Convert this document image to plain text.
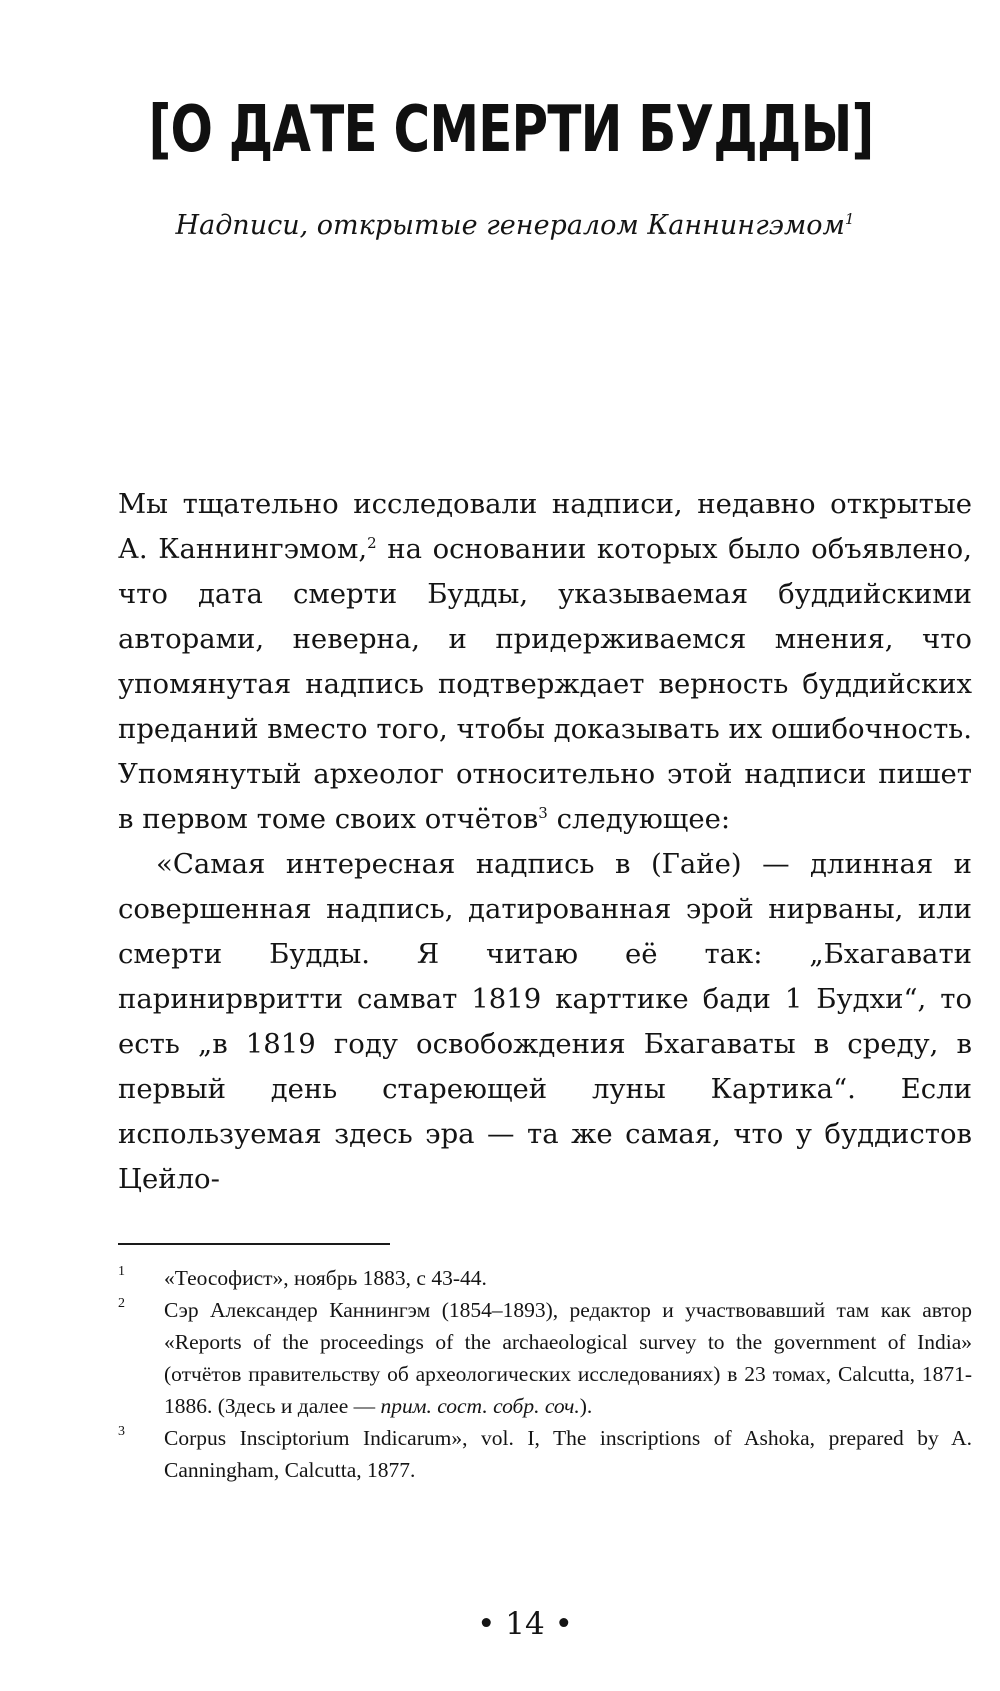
[О ДАТЕ СМЕРТИ БУДДЫ]
Надписи, открытые генералом Каннингэмом$^1$

Мы тщательно исследовали надписи, недавно открытые А. Каннингэмом,$^2$ на основании которых было объявлено, что дата смерти Будды, указываемая буддийскими авторами, неверна, и придерживаемся мнения, что упомянутая надпись подтверждает верность буддийских преданий вместо того, чтобы доказывать их ошибочность. Упомянутый археолог относительно этой надписи пишет в первом томе своих отчётов$^3$ следующее:

«Самая интересная надпись в (Гайе) — длинная и совершенная надпись, датированная эрой нирваны, или смерти Будды. Я читаю её так: „Бхагавати паринирвритти самват 1819 карттике бади 1 Будхи“, то есть „в 1819 году освобождения Бхагаваты в среду, в первый день стареющей луны Картика“. Если используемая здесь эра — та же самая, что у буддистов Цейло-

1 «Теософист», ноябрь 1883, с 43-44.
2 Сэр Александер Каннингэм (1854–1893), редактор и участвовавший там как автор «Reports of the proceedings of the archaeological survey to the government of India» (отчётов правительству об археологических исследованиях) в 23 томах, Calcutta, 1871-1886. (Здесь и далее — прим. сост. собр. соч.).
3 Corpus Insciptorium Indicarum», vol. I, The inscriptions of Ashoka, prepared by A. Canningham, Calcutta, 1877.
• 14 •
